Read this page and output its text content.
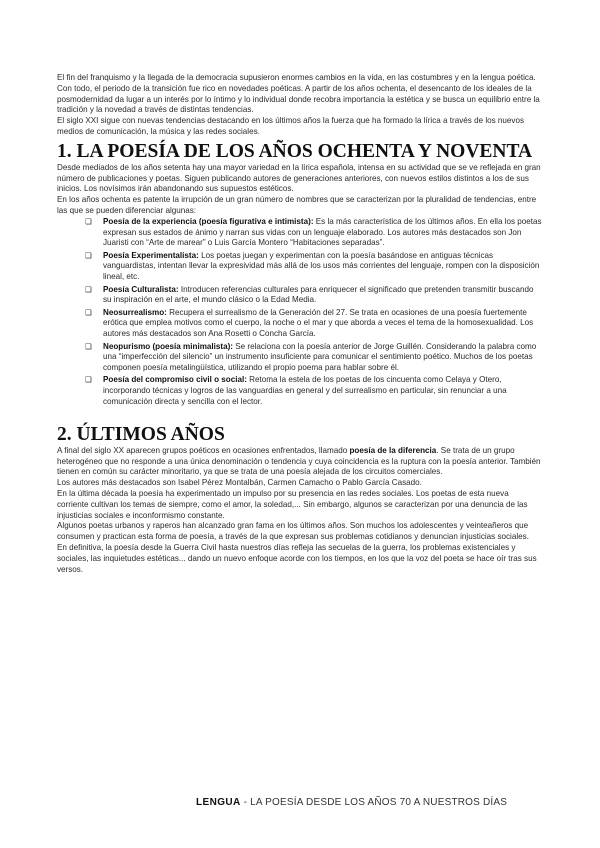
El fin del franquismo y la llegada de la democracia supusieron enormes cambios en la vida, en las costumbres y en la lengua poética. Con todo, el periodo de la transición fue rico en novedades poéticas. A partir de los años ochenta, el desencanto de los ideales de la posmodernidad da lugar a un interés por lo íntimo y lo individual donde recobra importancia la estética y se busca un equilibrio entre la tradición y la novedad a través de distintas tendencias.

El siglo XXI sigue con nuevas tendencias destacando en los últimos años la fuerza que ha formado la lírica a través de los nuevos medios de comunicación, la música y las redes sociales.

1. LA POESÍA DE LOS AÑOS OCHENTA Y NOVENTA

Desde mediados de los años setenta hay una mayor variedad en la lírica española, intensa en su actividad que se ve reflejada en gran número de publicaciones y poetas. Siguen publicando autores de generaciones anteriores, con nuevos estilos distintos a los de sus inicios. Los novísimos irán abandonando sus supuestos estéticos.

En los años ochenta es patente la irrupción de un gran número de nombres que se caracterizan por la pluralidad de tendencias, entre las que se pueden diferenciar algunas:

❏ Poesía de la experiencia (poesía figurativa e intimista): Es la más característica de los últimos años. En ella los poetas expresan sus estados de ánimo y narran sus vidas con un lenguaje elaborado. Los autores más destacados son Jon Juaristi con “Arte de marear” o Luis García Montero “Habitaciones separadas”.
❏ Poesía Experimentalista: Los poetas juegan y experimentan con la poesía basándose en antiguas técnicas vanguardistas, intentan llevar la expresividad más allá de los usos más corrientes del lenguaje, rompen con la disposición lineal, etc.
❏ Poesía Culturalista: Introducen referencias culturales para enriquecer el significado que pretenden transmitir buscando su inspiración en el arte, el mundo clásico o la Edad Media.
❏ Neosurrealismo: Recupera el surrealismo de la Generación del 27. Se trata en ocasiones de una poesía fuertemente erótica que emplea motivos como el cuerpo, la noche o el mar y que aborda a veces el tema de la homosexualidad. Los autores más destacados son Ana Rosetti o Concha García.
❏ Neopurismo (poesía minimalista): Se relaciona con la poesía anterior de Jorge Guillén. Considerando la palabra como una “imperfección del silencio” un instrumento insuficiente para comunicar el sentimiento poético. Muchos de los poetas componen poesía metalingüística, utilizando el propio poema para hablar sobre él.
❏ Poesía del compromiso civil o social: Retoma la estela de los poetas de los cincuenta como Celaya y Otero, incorporando técnicas y logros de las vanguardias en general y del surrealismo en particular, sin renunciar a una comunicación directa y sencilla con el lector.
2. ÚLTIMOS AÑOS

A final del siglo XX aparecen grupos poéticos en ocasiones enfrentados, llamado poesía de la diferencia. Se trata de un grupo heterogéneo que no responde a una única denominación o tendencia y cuya coincidencia es la ruptura con la poesía anterior. También tienen en común su carácter minoritario, ya que se trata de una poesía alejada de los circuitos comerciales.

Los autores más destacados son Isabel Pérez Montalbán, Carmen Camacho o Pablo García Casado.

En la última década la poesía ha experimentado un impulso por su presencia en las redes sociales. Los poetas de esta nueva corriente cultivan los temas de siempre, como el amor, la soledad,... Sin embargo, algunos se caracterizan por una denuncia de las injusticias sociales e inconformismo constante.

Algunos poetas urbanos y raperos han alcanzado gran fama en los últimos años. Son muchos los adolescentes y veinteañeros que consumen y practican esta forma de poesía, a través de la que expresan sus problemas cotidianos y denuncian injusticias sociales.

En definitiva, la poesía desde la Guerra Civil hasta nuestros días refleja las secuelas de la guerra, los problemas existenciales y sociales, las inquietudes estéticas... dando un nuevo enfoque acorde con los tiempos, en los que la voz del poeta se hace oír tras sus versos.

LENGUA - LA POESÍA DESDE LOS AÑOS 70 A NUESTROS DÍAS
